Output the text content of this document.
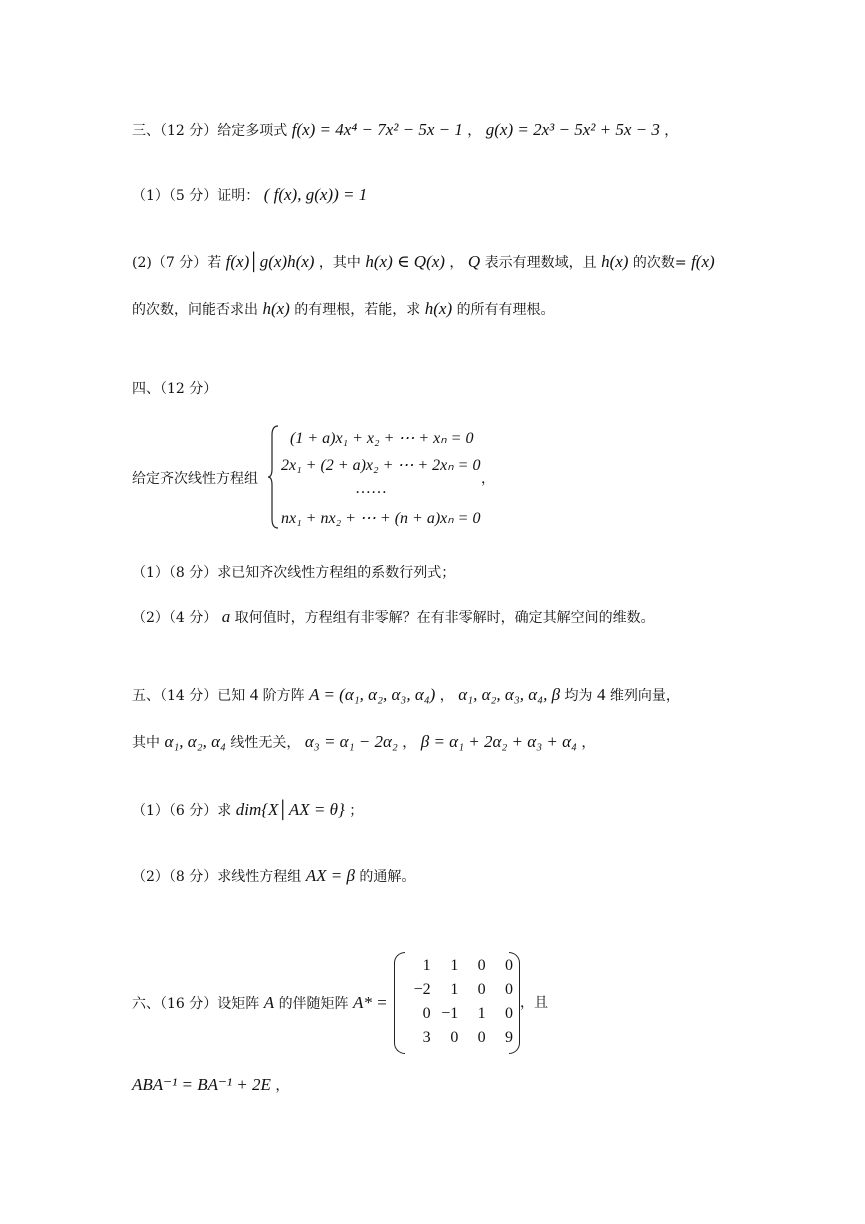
三、（12 分）给定多项式 f(x) = 4x⁴ − 7x² − 5x − 1 ， g(x) = 2x³ − 5x² + 5x − 3 ，
（1）（5 分）证明： ( f(x), g(x)) = 1
(2)（7 分）若 f(x)│g(x)h(x) ，其中 h(x) ∈ Q(x) ， Q 表示有理数域，且 h(x) 的次数= f(x)
的次数，问能否求出 h(x) 的有理根，若能，求 h(x) 的所有有理根。
四、（12 分）
给定齐次线性方程组
(1 + a)x₁ + x₂ + ⋯ + xₙ = 0
2x₁ + (2 + a)x₂ + ⋯ + 2xₙ = 0
……
nx₁ + nx₂ + ⋯ + (n + a)xₙ = 0
，
（1）（8 分）求已知齐次线性方程组的系数行列式；
（2）（4 分） a 取何值时，方程组有非零解？在有非零解时，确定其解空间的维数。
五、（14 分）已知 4 阶方阵 A = (α₁, α₂, α₃, α₄) ， α₁, α₂, α₃, α₄, β 均为 4 维列向量，
其中 α₁, α₂, α₄ 线性无关， α₃ = α₁ − 2α₂ ， β = α₁ + 2α₂ + α₃ + α₄ ，
（1）（6 分）求 dim{X│AX = θ} ；
（2）（8 分）求线性方程组 AX = β 的通解。
六、（16 分）设矩阵 A 的伴随矩阵 A* =
1	1	0	0
−2	1	0	0
0	−1	1	0
3	0	0	9
，且
ABA⁻¹ = BA⁻¹ + 2E ，
